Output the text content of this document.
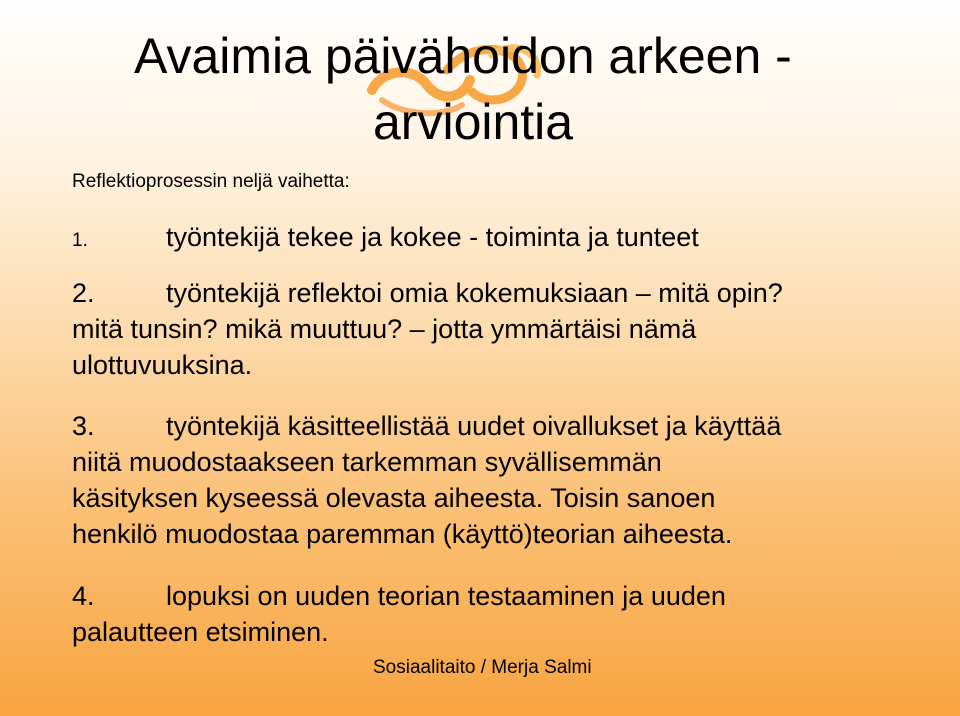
Avaimia päivähoidon arkeen -
arviointia
Reflektioprosessin neljä vaihetta:
1.	työntekijä tekee ja kokee - toiminta ja tunteet
2.	työntekijä reflektoi omia kokemuksiaan – mitä opin?
mitä tunsin? mikä muuttuu? – jotta ymmärtäisi nämä
ulottuvuuksina.
3.	työntekijä käsitteellistää uudet oivallukset ja käyttää
niitä muodostaakseen tarkemman syvällisemmän
käsityksen kyseessä olevasta aiheesta. Toisin sanoen
henkilö muodostaa paremman (käyttö)teorian aiheesta.
4.	lopuksi on uuden teorian testaaminen ja uuden
palautteen etsiminen.
Sosiaalitaito / Merja Salmi
